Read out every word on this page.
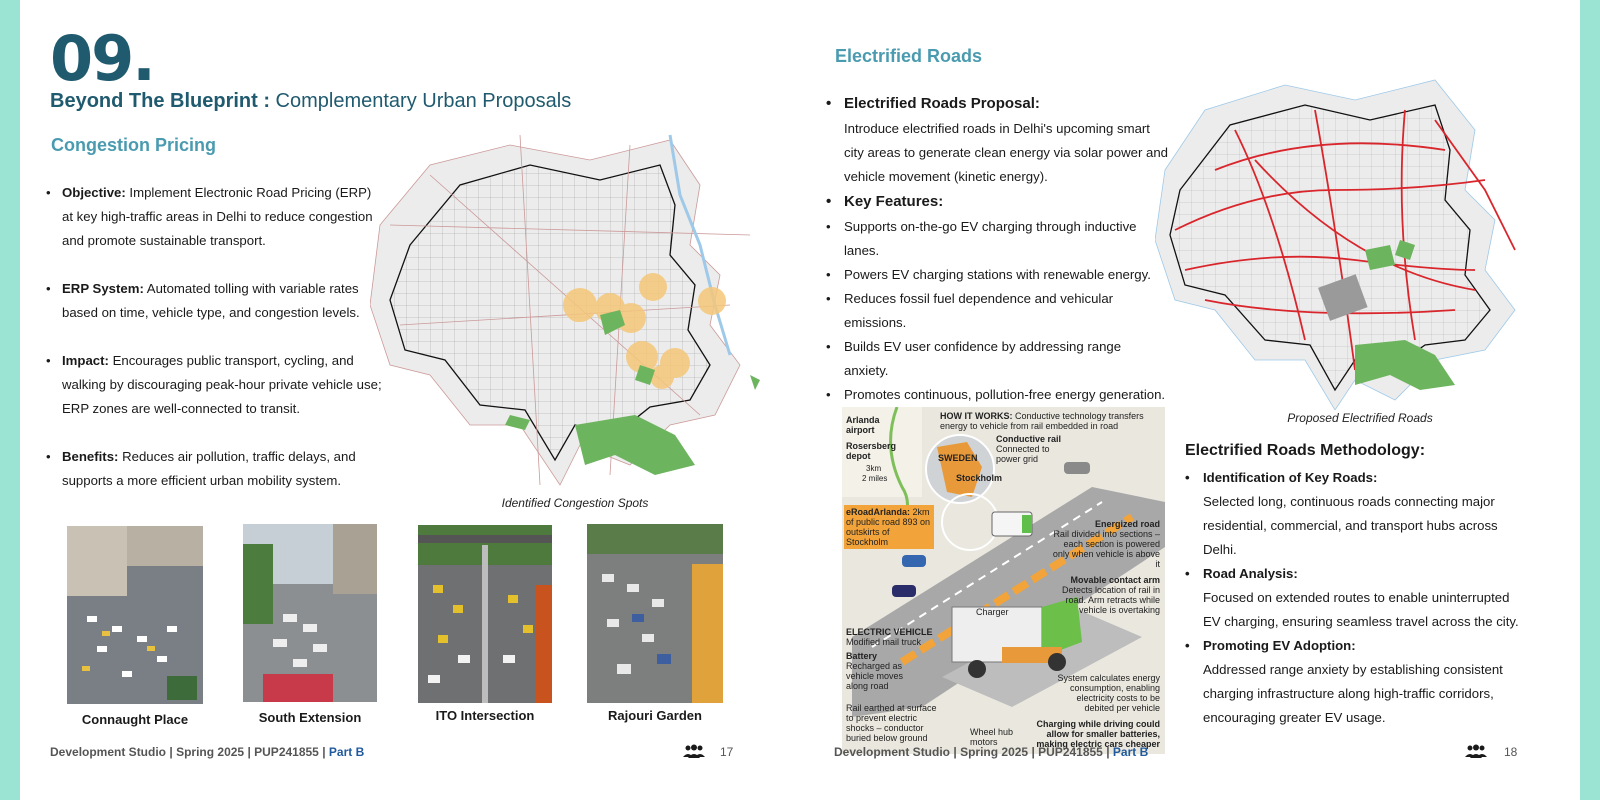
09.
Beyond The Blueprint : Complementary Urban Proposals
Congestion Pricing
• Objective: Implement Electronic Road Pricing (ERP) at key high-traffic areas in Delhi to reduce congestion and promote sustainable transport.
• ERP System: Automated tolling with variable rates based on time, vehicle type, and congestion levels.
• Impact: Encourages public transport, cycling, and walking by discouraging peak-hour private vehicle use; ERP zones are well-connected to transit.
• Benefits: Reduces air pollution, traffic delays, and supports a more efficient urban mobility system.
Identified Congestion Spots
Connaught Place	South Extension	ITO Intersection	Rajouri Garden
Development Studio | Spring 2025 | PUP241855 | Part B	17
Electrified Roads
• Electrified Roads Proposal:
Introduce electrified roads in Delhi's upcoming smart city areas to generate clean energy via solar power and vehicle movement (kinetic energy).
• Key Features:
• Supports on-the-go EV charging through inductive lanes.
• Powers EV charging stations with renewable energy.
• Reduces fossil fuel dependence and vehicular emissions.
• Builds EV user confidence by addressing range anxiety.
• Promotes continuous, pollution-free energy generation.
Proposed Electrified Roads
Arlanda airport
Rosersberg depot
3km
2 miles
HOW IT WORKS: Conductive technology transfers energy to vehicle from rail embedded in road
SWEDEN
Stockholm
Conductive rail
Connected to power grid
eRoadArlanda: 2km of public road 893 on outskirts of Stockholm
Energized road
Rail divided into sections – each section is powered only when vehicle is above it
Movable contact arm
Detects location of rail in road. Arm retracts while vehicle is overtaking
Charger
ELECTRIC VEHICLE
Modified mail truck
Battery
Recharged as vehicle moves along road
Rail earthed at surface to prevent electric shocks – conductor buried below ground
Wheel hub motors
System calculates energy consumption, enabling electricity costs to be debited per vehicle
Charging while driving could allow for smaller batteries, making electric cars cheaper
Electrified Roads Methodology:
• Identification of Key Roads:
Selected long, continuous roads connecting major residential, commercial, and transport hubs across Delhi.
• Road Analysis:
Focused on extended routes to enable uninterrupted EV charging, ensuring seamless travel across the city.
• Promoting EV Adoption:
Addressed range anxiety by establishing consistent charging infrastructure along high-traffic corridors, encouraging greater EV usage.
Development Studio | Spring 2025 | PUP241855 | Part B	18
